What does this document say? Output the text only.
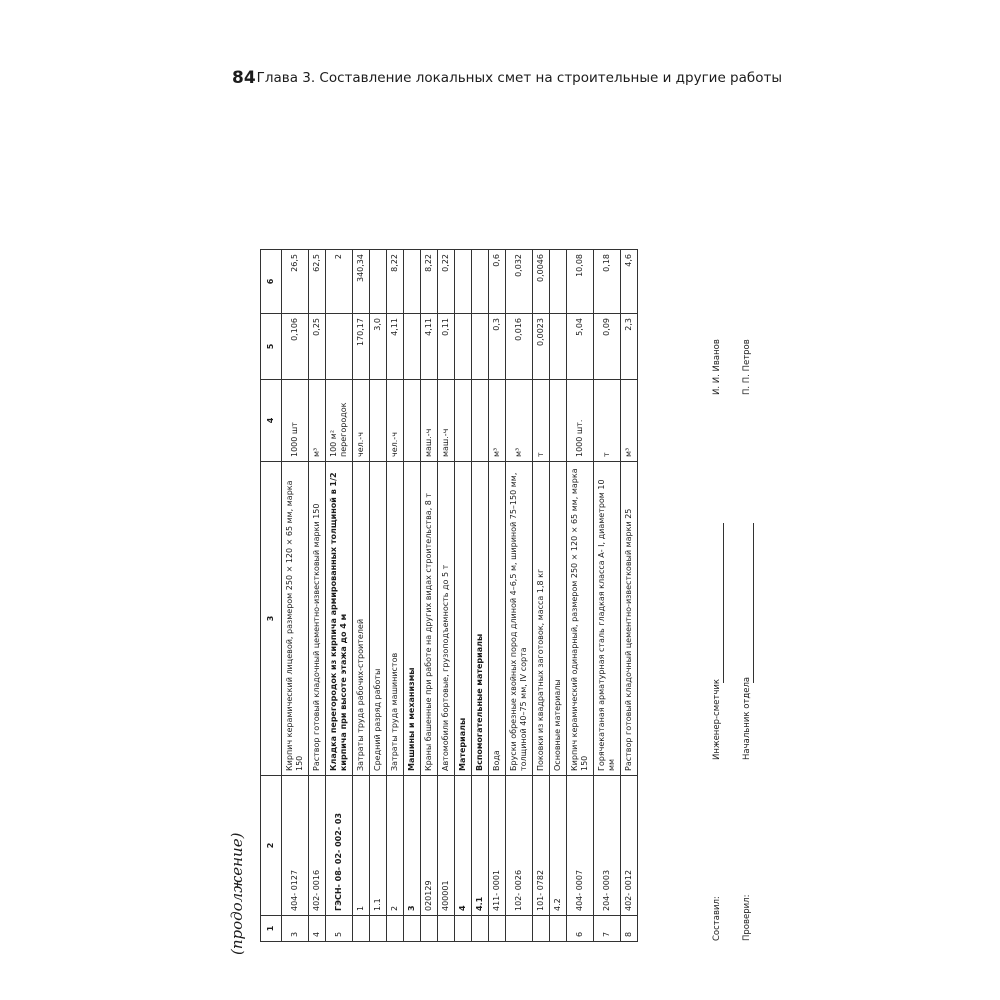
84 Глава 3. Составление локальных смет на строительные и другие работы
(продолжение)	1	2	3	4	5	6
3	404- 0127	Кирпич керамический лицевой, размером 250 × 120 × 65 мм, марка 150	1000 шт	0,106	26,5
4	402- 0016	Раствор готовый кладочный цементно-известковый марки 150	м³	0,25	62,5
5	ГЭСН- 08- 02- 002- 03	Кладка перегородок из кирпича армированных толщиной в 1/2 кирпича при высоте этажа до 4 м	100 м² перегородок		2
	1	Затраты труда рабочих-строителей	чел.-ч	170,17	340,34
	1.1	Средний разряд работы		3,0	
	2	Затраты труда машинистов	чел.-ч	4,11	8,22
	3	Машины и механизмы			
	020129	Краны башенные при работе на других видах строительства, 8 т	маш.-ч	4,11	8,22
	400001	Автомобили бортовые, грузоподъемность до 5 т	маш.-ч	0,11	0,22
	4	Материалы			
	4.1	Вспомогательные материалы			
	411- 0001	Вода	м³	0,3	0,6
	102- 0026	Бруски обрезные хвойных пород длиной 4–6,5 м, шириной 75–150 мм, толщиной 40–75 мм, IV сорта	м³	0,016	0,032
	101- 0782	Поковки из квадратных заготовок, масса 1,8 кг	т	0,0023	0,0046
	4.2	Основные материалы			
6	404- 0007	Кирпич керамический одинарный, размером 250 × 120 × 65 мм, марка 150	1000 шт.	5,04	10,08
7	204- 0003	Горячекатаная арматурная сталь гладкая класса А- I, диаметром 10 мм	т	0,09	0,18
8	402- 0012	Раствор готовый кладочный цементно-известковый марки 25	м³	2,3	4,6
Составил:
Инженер-сметчик
И. И. Иванов
Проверил:
Начальник отдела
П. П. Петров
